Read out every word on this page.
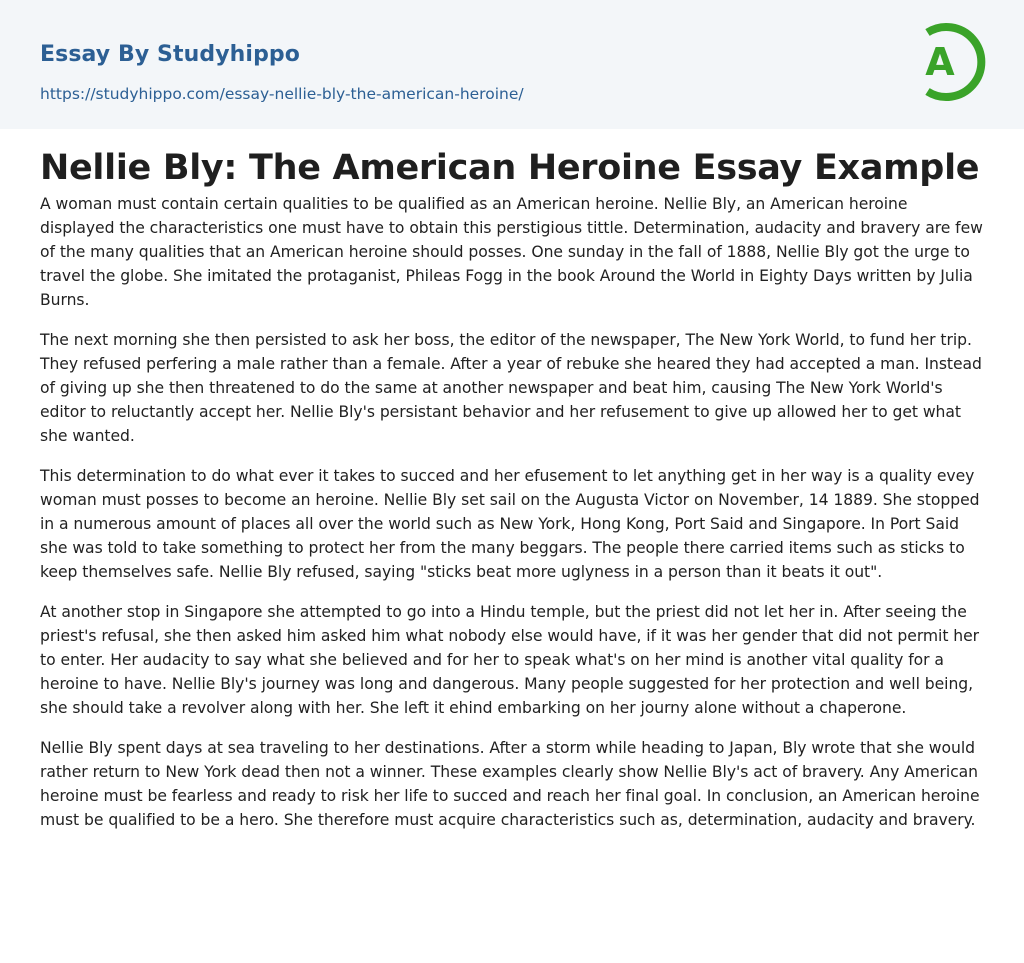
Essay By Studyhippo
https://studyhippo.com/essay-nellie-bly-the-american-heroine/
A
Nellie Bly: The American Heroine Essay Example

A woman must contain certain qualities to be qualified as an American heroine. Nellie Bly, an American heroine displayed the characteristics one must have to obtain this perstigious tittle. Determination, audacity and bravery are few of the many qualities that an American heroine should posses. One sunday in the fall of 1888, Nellie Bly got the urge to travel the globe. She imitated the protaganist, Phileas Fogg in the book Around the World in Eighty Days written by Julia Burns.

The next morning she then persisted to ask her boss, the editor of the newspaper, The New York World, to fund her trip. They refused perfering a male rather than a female. After a year of rebuke she heared they had accepted a man. Instead of giving up she then threatened to do the same at another newspaper and beat him, causing The New York World's editor to reluctantly accept her. Nellie Bly's persistant behavior and her refusement to give up allowed her to get what she wanted.

This determination to do what ever it takes to succed and her efusement to let anything get in her way is a quality evey woman must posses to become an heroine. Nellie Bly set sail on the Augusta Victor on November, 14 1889. She stopped in a numerous amount of places all over the world such as New York, Hong Kong, Port Said and Singapore. In Port Said she was told to take something to protect her from the many beggars. The people there carried items such as sticks to keep themselves safe. Nellie Bly refused, saying "sticks beat more uglyness in a person than it beats it out".

At another stop in Singapore she attempted to go into a Hindu temple, but the priest did not let her in. After seeing the priest's refusal, she then asked him asked him what nobody else would have, if it was her gender that did not permit her to enter. Her audacity to say what she believed and for her to speak what's on her mind is another vital quality for a heroine to have. Nellie Bly's journey was long and dangerous. Many people suggested for her protection and well being, she should take a revolver along with her. She left it ehind embarking on her journy alone without a chaperone.

Nellie Bly spent days at sea traveling to her destinations. After a storm while heading to Japan, Bly wrote that she would rather return to New York dead then not a winner. These examples clearly show Nellie Bly's act of bravery. Any American heroine must be fearless and ready to risk her life to succed and reach her final goal. In conclusion, an American heroine must be qualified to be a hero. She therefore must acquire characteristics such as, determination, audacity and bravery.
